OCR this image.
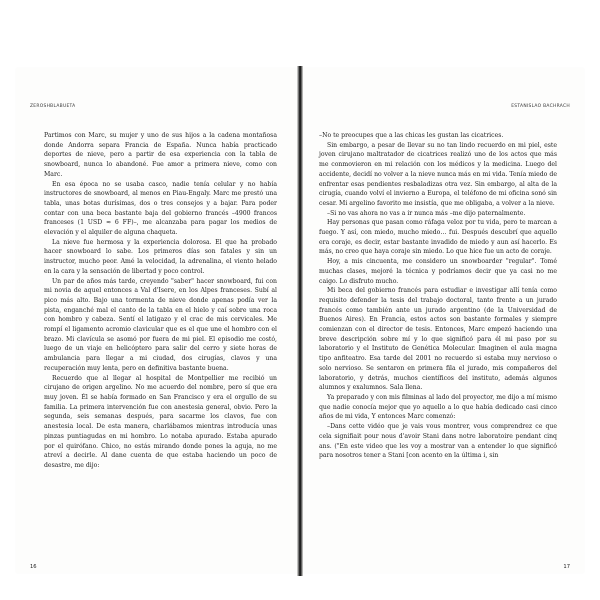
ZEROSHBLABUETA

Partimos con Marc, su mujer y uno de sus hijos a la cadena montañosa donde Andorra separa Francia de España. Nunca había practicado deportes de nieve, pero a partir de esa experiencia con la tabla de snowboard, nunca lo abandoné. Fue amor a primera nieve, como con Marc.

En esa época no se usaba casco, nadie tenía celular y no había instructores de snowboard, al menos en Piau-Engaly. Marc me prestó una tabla, unas botas durísimas, dos o tres consejos y a bajar. Para poder contar con una beca bastante baja del gobierno francés –4900 francos franceses (1 USD ≈ 6 FF)–, me alcanzaba para pagar los medios de elevación y el alquiler de alguna chaqueta.

La nieve fue hermosa y la experiencia dolorosa. El que ha probado hacer snowboard lo sabe. Los primeros días son fatales y sin un instructor, mucho peor. Amé la velocidad, la adrenalina, el viento helado en la cara y la sensación de libertad y poco control.

Un par de años más tarde, creyendo "saber" hacer snowboard, fui con mi novia de aquel entonces a Val d'Isere, en los Alpes franceses. Subí al pico más alto. Bajo una tormenta de nieve donde apenas podía ver la pista, enganché mal el canto de la tabla en el hielo y caí sobre una roca con hombro y cabeza. Sentí el latigazo y el crac de mis cervicales. Me rompí el ligamento acromio clavicular que es el que une el hombro con el brazo. Mi clavícula se asomó por fuera de mi piel. El episodio me costó, luego de un viaje en helicóptero para salir del cerro y siete horas de ambulancia para llegar a mi ciudad, dos cirugías, clavos y una recuperación muy lenta, pero en definitiva bastante buena.

Recuerdo que al llegar al hospital de Montpellier me recibió un cirujano de origen argelino. No me acuerdo del nombre, pero sí que era muy joven. Él se había formado en San Francisco y era el orgullo de su familia. La primera intervención fue con anestesia general, obvio. Pero la segunda, seis semanas después, para sacarme los clavos, fue con anestesia local. De esta manera, charlábamos mientras introducía unas pinzas puntiagudas en mi hombro. Lo notaba apurado. Estaba apurado por el quirófano. Chico, no estás mirando donde pones la aguja, no me atreví a decirle. Al dane cuenta de que estaba haciendo un poco de desastre, me dijo:

16
ESTANISLAO BACHRACH

–No te preocupes que a las chicas les gustan las cicatrices.

Sin embargo, a pesar de llevar su no tan lindo recuerdo en mi piel, este joven cirujano maltratador de cicatrices realizó uno de los actos que más me conmovieron en mi relación con los médicos y la medicina. Luego del accidente, decidí no volver a la nieve nunca más en mi vida. Tenía miedo de enfrentar esas pendientes resbaladizas otra vez. Sin embargo, al alta de la cirugía, cuando volví el invierno a Europa, el teléfono de mi oficina sonó sin cesar. Mi argelino favorito me insistía, que me obligaba, a volver a la nieve.

–Si no vas ahora no vas a ir nunca más –me dijo paternalmente.

Hay personas que pasan como ráfaga veloz por tu vida, pero te marcan a fuego. Y así, con miedo, mucho miedo… fui. Después descubrí que aquello era coraje, es decir, estar bastante invadido de miedo y aun así hacerlo. Es más, no creo que haya coraje sin miedo. Lo que hice fue un acto de coraje.

Hoy, a mis cincuenta, me considero un snowboarder "regular". Tomé muchas clases, mejoré la técnica y podríamos decir que ya casi no me caigo. Lo disfruto mucho.

Mi beca del gobierno francés para estudiar e investigar allí tenía como requisito defender la tesis del trabajo doctoral, tanto frente a un jurado francés como también ante un jurado argentino (de la Universidad de Buenos Aires). En Francia, estos actos son bastante formales y siempre comienzan con el director de tesis. Entonces, Marc empezó haciendo una breve descripción sobre mí y lo que significó para él mi paso por su laboratorio y el Instituto de Genética Molecular. Imaginen el aula magna tipo anfiteatro. Esa tarde del 2001 no recuerdo si estaba muy nervioso o solo nervioso. Se sentaron en primera fila el jurado, mis compañeros del laboratorio, y detrás, muchos científicos del instituto, además algunos alumnos y exalumnos. Sala llena.

Ya preparado y con mis filminas al lado del proyector, me dijo a mí mismo que nadie conocía mejor que yo aquello a lo que había dedicado casi cinco años de mi vida, Y entonces Marc comenzó:

–Dans cette vidéo que je vais vous montrer, vous comprendrez ce que cela signifiait pour nous d'avoir Stani dans notre laboratoire pendant cinq ans. ("En este video que les voy a mostrar van a entender lo que significó para nosotros tener a Stani [con acento en la última i, sin

17
